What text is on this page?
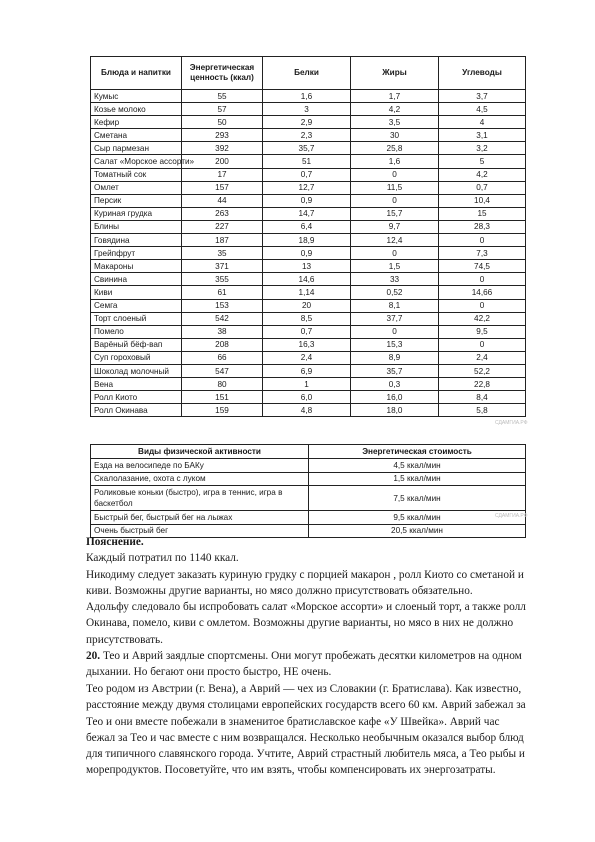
Блюда и напитки	Энергетическая ценность (ккал)	Белки	Жиры	Углеводы
Кумыс	55	1,6	1,7	3,7
Козье молоко	57	3	4,2	4,5
Кефир	50	2,9	3,5	4
Сметана	293	2,3	30	3,1
Сыр пармезан	392	35,7	25,8	3,2
Салат «Морское ассорти»	200	51	1,6	5
Томатный сок	17	0,7	0	4,2
Омлет	157	12,7	11,5	0,7
Персик	44	0,9	0	10,4
Куриная грудка	263	14,7	15,7	15
Блины	227	6,4	9,7	28,3
Говядина	187	18,9	12,4	0
Грейпфрут	35	0,9	0	7,3
Макароны	371	13	1,5	74,5
Свинина	355	14,6	33	0
Киви	61	1,14	0,52	14,66
Семга	153	20	8,1	0
Торт слоеный	542	8,5	37,7	42,2
Помело	38	0,7	0	9,5
Варёный бёф-вап	208	16,3	15,3	0
Суп гороховый	66	2,4	8,9	2,4
Шоколад молочный	547	6,9	35,7	52,2
Вена	80	1	0,3	22,8
Ролл Киото	151	6,0	16,0	8,4
Ролл Окинава	159	4,8	18,0	5,8
СДАМГИА.РФ
Виды физической активности	Энергетическая стоимость
Езда на велосипеде по БАКу	4,5 ккал/мин
Скалолазание, охота с луком	1,5 ккал/мин
Роликовые коньки (быстро), игра в теннис, игра в баскетбол	7,5 ккал/мин
Быстрый бег, быстрый бег на лыжах	9,5 ккал/мин
Очень быстрый бег	20,5 ккал/мин
СДАМГИА.РФ

Пояснение.

Каждый потратил по 1140 ккал.

Никодиму следует заказать куриную грудку с порцией макарон , ролл Киото со сметаной и киви. Возможны другие варианты, но мясо должно присутствовать обязательно.

Адольфу следовало бы испробовать салат «Морское ассорти» и слоеный торт, а также ролл Окинава, помело, киви с омлетом. Возможны другие варианты, но мясо в них не должно присутствовать.

20. Тео и Аврий заядлые спортсмены. Они могут пробежать десятки километров на одном дыхании. Но бегают они просто быстро, НЕ очень.

Тео родом из Австрии (г. Вена), а Аврий — чех из Словакии (г. Братислава). Как известно, расстояние между двумя столицами европейских государств всего 60 км. Аврий забежал за Тео и они вместе побежали в знаменитое братиславское кафе «У Швейка». Аврий час бежал за Тео и час вместе с ним возвращался. Несколько необычным оказался выбор блюд для типичного славянского города. Учтите, Аврий страстный любитель мяса, а Тео рыбы и морепродуктов. Посоветуйте, что им взять, чтобы компенсировать их энергозатраты.
